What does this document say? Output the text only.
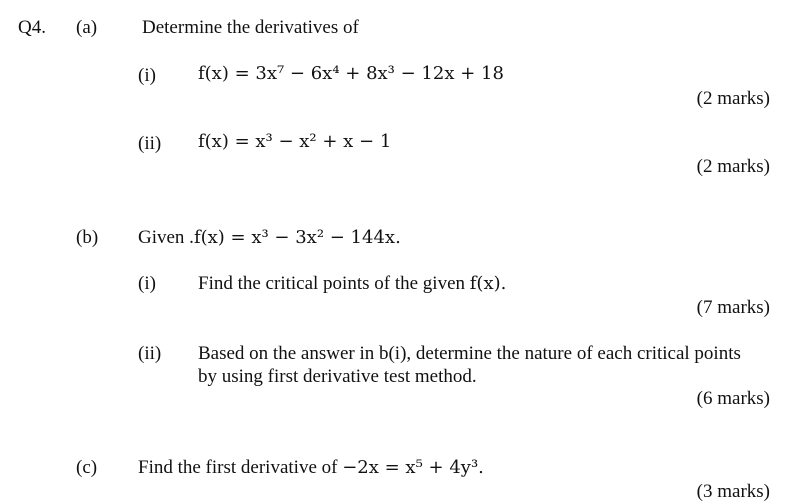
Q4. (a) Determine the derivatives of
(i) f(x) = 3x⁷ − 6x⁴ + 8x³ − 12x + 18
(2 marks)
(ii) f(x) = x³ − x² + x − 1
(2 marks)
(b) Given .f(x) = x³ − 3x² − 144x.
(i) Find the critical points of the given f(x).
(7 marks)
(ii) Based on the answer in b(i), determine the nature of each critical points
by using first derivative test method.
(6 marks)
(c) Find the first derivative of −2x = x⁵ + 4y³.
(3 marks)
